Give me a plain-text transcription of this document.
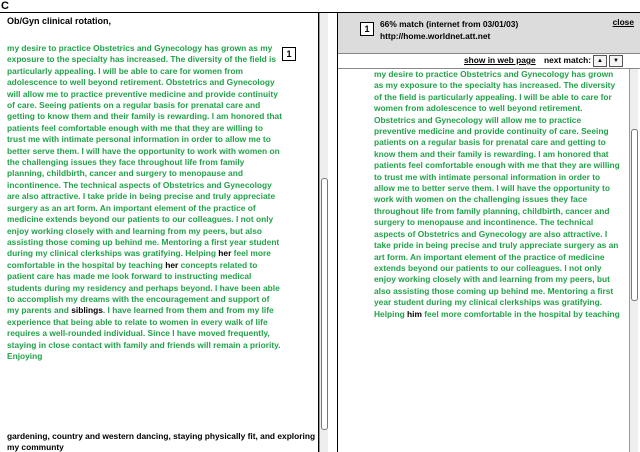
C
Ob/Gyn clinical rotation,
1
my desire to practice Obstetrics and Gynecology has grown as my exposure to the specialty has increased. The diversity of the field is particularly appealing. I will be able to care for women from adolescence to well beyond retirement. Obstetrics and Gynecology will allow me to practice preventive medicine and provide continuity of care. Seeing patients on a regular basis for prenatal care and getting to know them and their family is rewarding. I am honored that patients feel comfortable enough with me that they are willing to trust me with intimate personal information in order to allow me to better serve them. I will have the opportunity to work with women on the challenging issues they face throughout life from family planning, childbirth, cancer and surgery to menopause and incontinence. The technical aspects of Obstetrics and Gynecology are also attractive. I take pride in being precise and truly appreciate surgery as an art form. An important element of the practice of medicine extends beyond our patients to our colleagues. I not only enjoy working closely with and learning from my peers, but also assisting those coming up behind me. Mentoring a first year student during my clinical clerkships was gratifying. Helping her feel more comfortable in the hospital by teaching her concepts related to patient care has made me look forward to instructing medical students during my residency and perhaps beyond. I have been able to accomplish my dreams with the encouragement and support of my parents and siblings. I have learned from them and from my life experience that being able to relate to women in every walk of life requires a well-rounded individual. Since I have moved frequently, staying in close contact with family and friends will remain a priority. Enjoying
gardening, country and western dancing, staying physically fit, and exploring my communty
1	66% match (internet from 03/01/03)
http://home.worldnet.att.net
close
show in web page next match:	▲	▼
my desire to practice Obstetrics and Gynecology has grown as my exposure to the specialty has increased. The diversity of the field is particularly appealing. I will be able to care for women from adolescence to well beyond retirement. Obstetrics and Gynecology will allow me to practice preventive medicine and provide continuity of care. Seeing patients on a regular basis for prenatal care and getting to know them and their family is rewarding. I am honored that patients feel comfortable enough with me that they are willing to trust me with intimate personal information in order to allow me to better serve them. I will have the opportunity to work with women on the challenging issues they face throughout life from family planning, childbirth, cancer and surgery to menopause and incontinence. The technical aspects of Obstetrics and Gynecology are also attractive. I take pride in being precise and truly appreciate surgery as an art form. An important element of the practice of medicine extends beyond our patients to our colleagues. I not only enjoy working closely with and learning from my peers, but also assisting those coming up behind me. Mentoring a first year student during my clinical clerkships was gratifying. Helping him feel more comfortable in the hospital by teaching
